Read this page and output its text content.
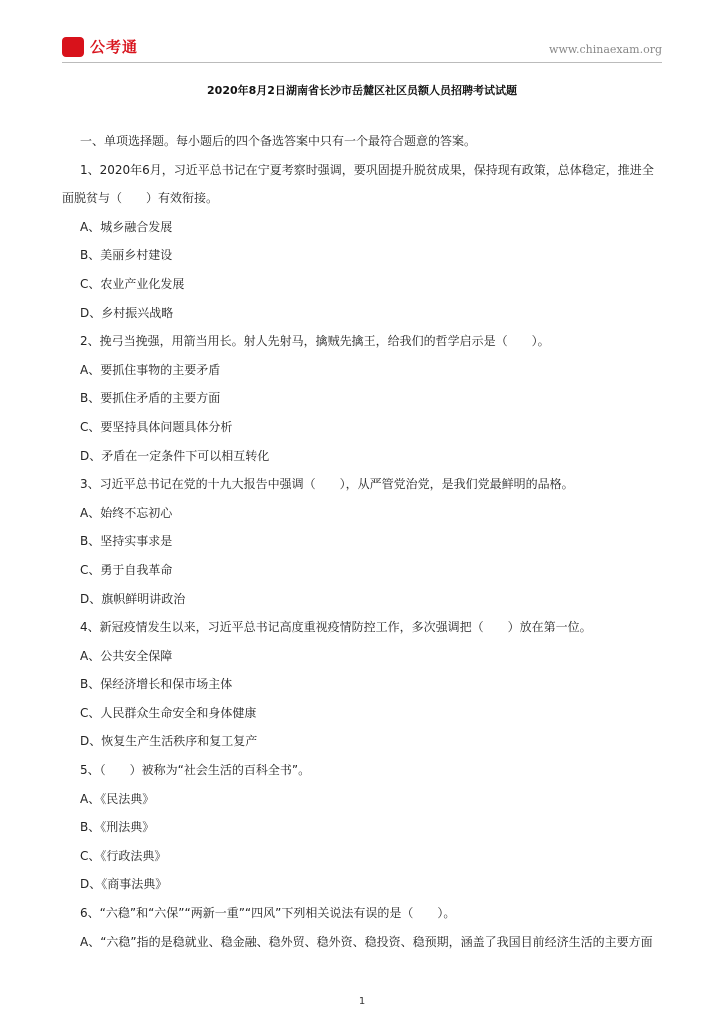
公考通	www.chinaexam.org
2020年8月2日湖南省长沙市岳麓区社区员额人员招聘考试试题

一、单项选择题。每小题后的四个备选答案中只有一个最符合题意的答案。

1、2020年6月，习近平总书记在宁夏考察时强调，要巩固提升脱贫成果，保持现有政策，总体稳定，推进全面脱贫与（　　）有效衔接。

A、城乡融合发展

B、美丽乡村建设

C、农业产业化发展

D、乡村振兴战略

2、挽弓当挽强，用箭当用长。射人先射马，擒贼先擒王，给我们的哲学启示是（　　）。

A、要抓住事物的主要矛盾

B、要抓住矛盾的主要方面

C、要坚持具体问题具体分析

D、矛盾在一定条件下可以相互转化

3、习近平总书记在党的十九大报告中强调（　　），从严管党治党，是我们党最鲜明的品格。

A、始终不忘初心

B、坚持实事求是

C、勇于自我革命

D、旗帜鲜明讲政治

4、新冠疫情发生以来，习近平总书记高度重视疫情防控工作，多次强调把（　　）放在第一位。

A、公共安全保障

B、保经济增长和保市场主体

C、人民群众生命安全和身体健康

D、恢复生产生活秩序和复工复产

5、（　　）被称为“社会生活的百科全书”。

A、《民法典》

B、《刑法典》

C、《行政法典》

D、《商事法典》

6、“六稳”和“六保”“两新一重”“四风”下列相关说法有误的是（　　）。

A、“六稳”指的是稳就业、稳金融、稳外贸、稳外资、稳投资、稳预期，涵盖了我国目前经济生活的主要方面

1
